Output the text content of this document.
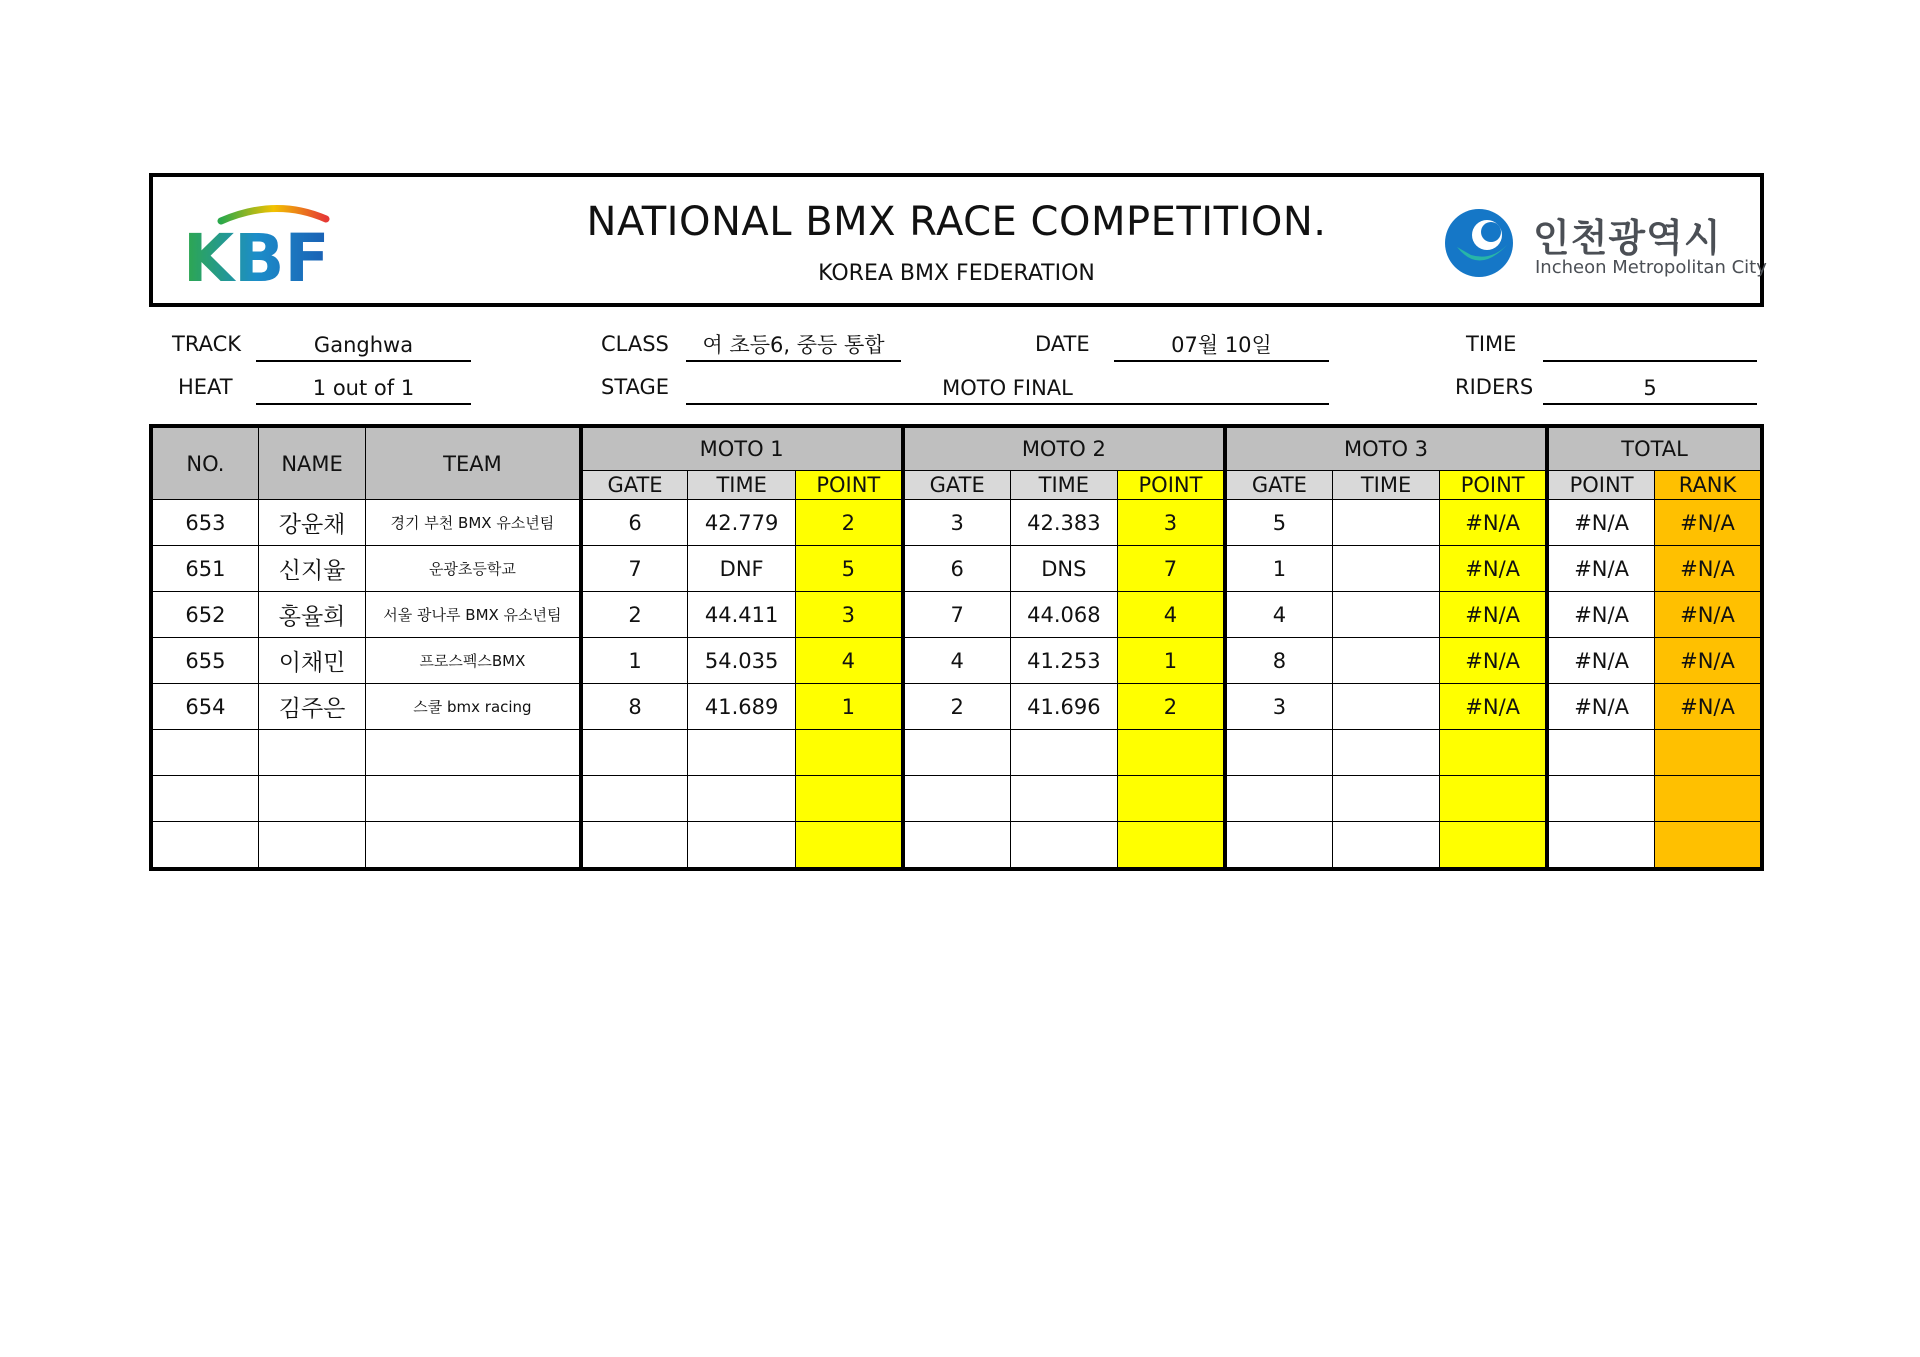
KBF	NATIONAL BMX RACE COMPETITION.
KOREA BMX FEDERATION
인천광역시
Incheon Metropolitan City
TRACK	Ganghwa
HEAT	1 out of 1
CLASS	여 초등6, 중등 통합
STAGE	MOTO FINAL
DATE	07월 10일	TIME
RIDERS	5
NO.	NAME	TEAM	MOTO 1			MOTO 2			MOTO 3			TOTAL	
			GATE	TIME	POINT	GATE	TIME	POINT	GATE	TIME	POINT	POINT	RANK
653	강윤채	경기 부천 BMX 유소년팀	6	42.779	2	3	42.383	3	5		#N/A	#N/A	#N/A
651	신지율	운광초등학교	7	DNF	5	6	DNS	7	1		#N/A	#N/A	#N/A
652	홍율희	서울 광나루 BMX 유소년팀	2	44.411	3	7	44.068	4	4		#N/A	#N/A	#N/A
655	이채민	프로스펙스BMX	1	54.035	4	4	41.253	1	8		#N/A	#N/A	#N/A
654	김주은	스쿨 bmx racing	8	41.689	1	2	41.696	2	3		#N/A	#N/A	#N/A
